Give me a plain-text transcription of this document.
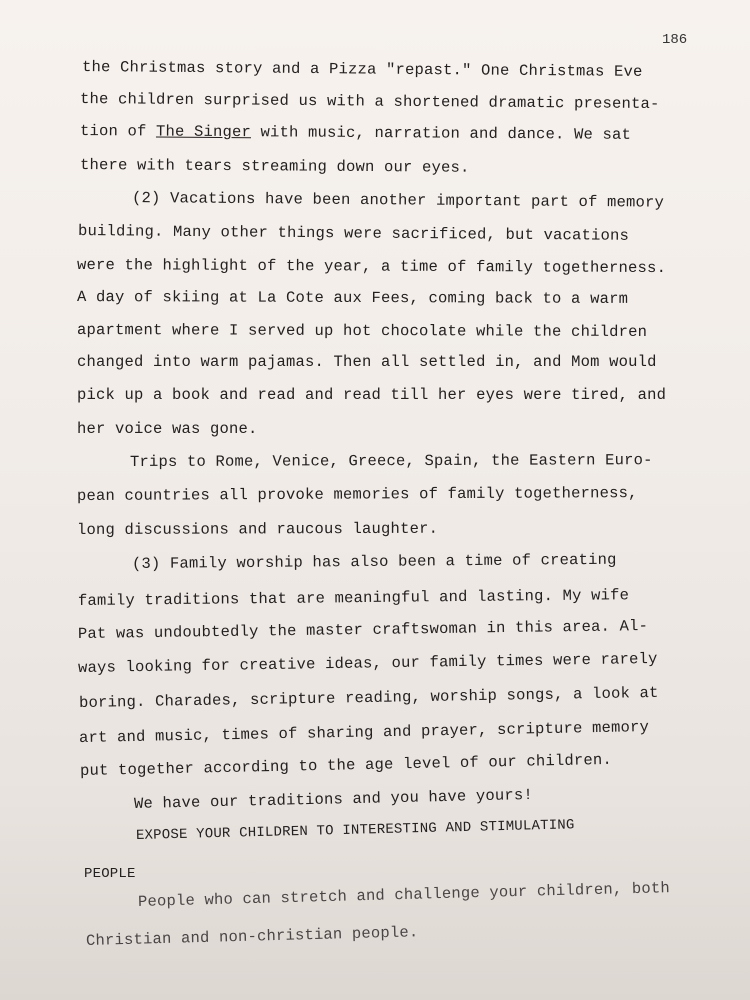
186
the Christmas story and a Pizza "repast." One Christmas Eve
the children surprised us with a shortened dramatic presenta-
tion of The Singer with music, narration and dance. We sat
there with tears streaming down our eyes.
(2) Vacations have been another important part of memory
building. Many other things were sacrificed, but vacations
were the highlight of the year, a time of family togetherness.
A day of skiing at La Cote aux Fees, coming back to a warm
apartment where I served up hot chocolate while the children
changed into warm pajamas. Then all settled in, and Mom would
pick up a book and read and read till her eyes were tired, and
her voice was gone.
Trips to Rome, Venice, Greece, Spain, the Eastern Euro-
pean countries all provoke memories of family togetherness,
long discussions and raucous laughter.
(3) Family worship has also been a time of creating
family traditions that are meaningful and lasting. My wife
Pat was undoubtedly the master craftswoman in this area. Al-
ways looking for creative ideas, our family times were rarely
boring. Charades, scripture reading, worship songs, a look at
art and music, times of sharing and prayer, scripture memory
put together according to the age level of our children.
We have our traditions and you have yours!
EXPOSE YOUR CHILDREN TO INTERESTING AND STIMULATING
PEOPLE
People who can stretch and challenge your children, both
Christian and non-christian people.
